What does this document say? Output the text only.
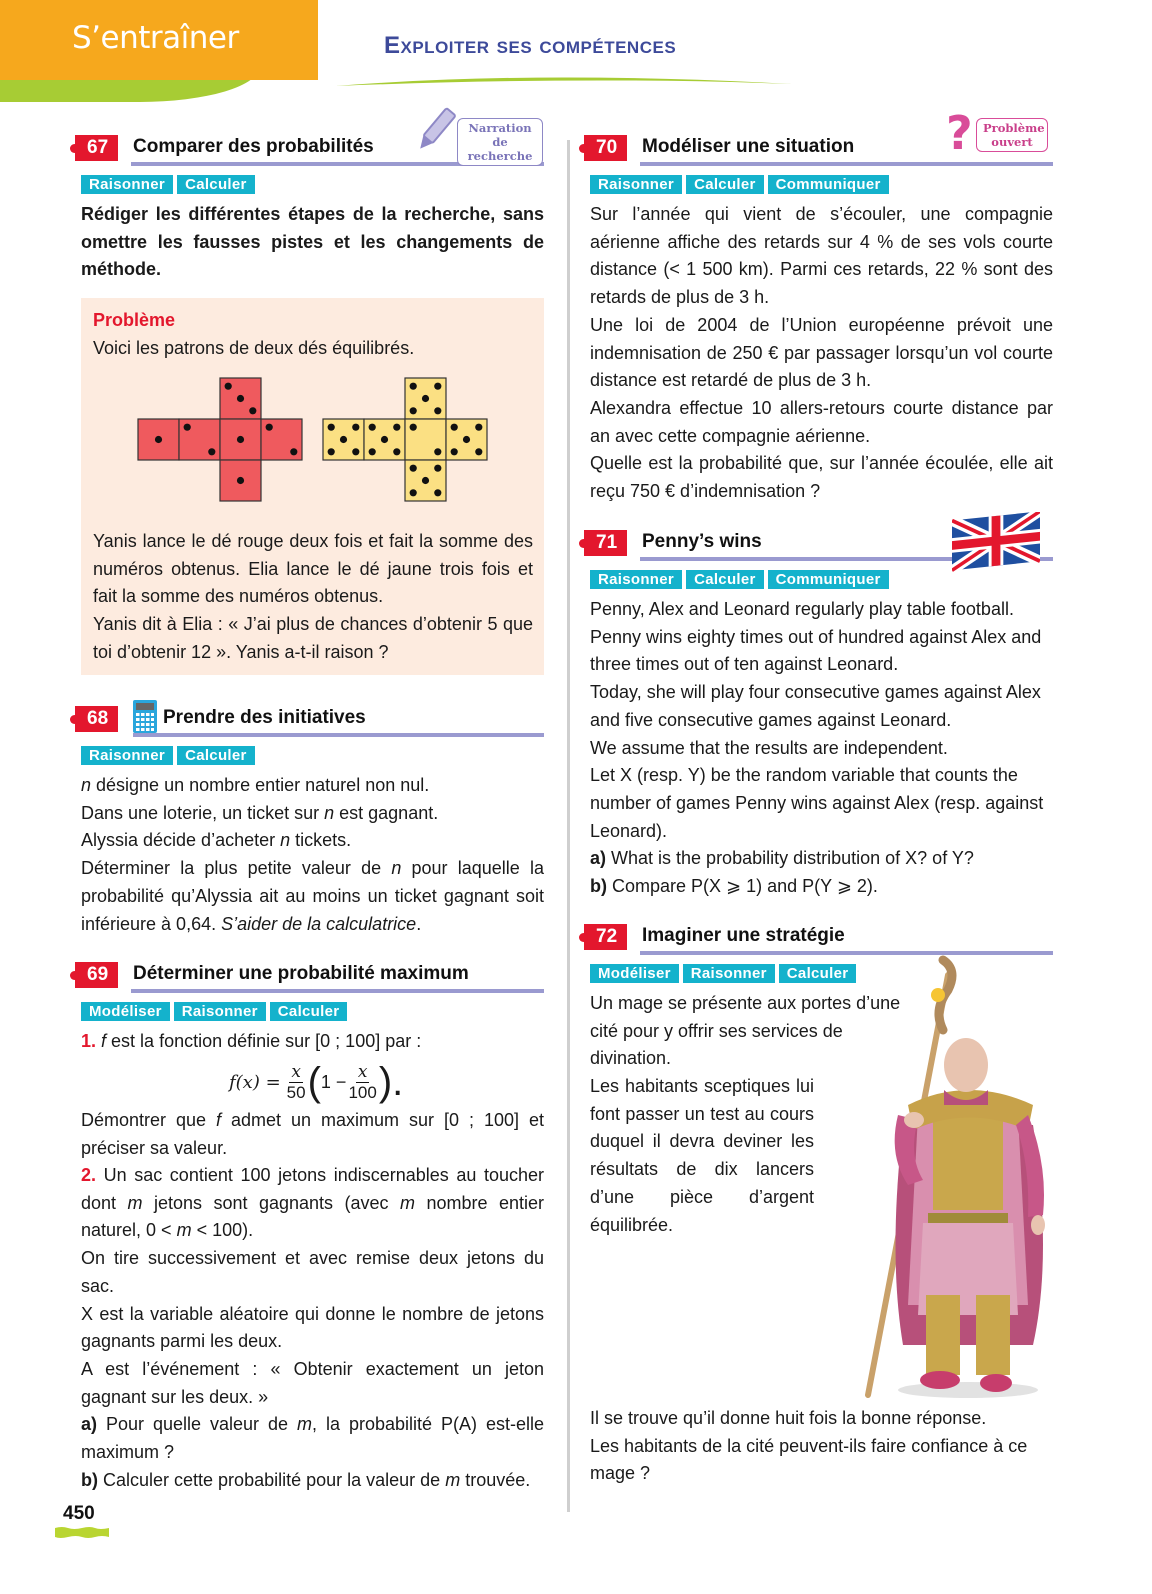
S’entraîner	Exploiter ses compétences
67	Comparer des probabilités
Narration
de recherche
Raisonner	Calculer
Rédiger les différentes étapes de la recherche, sans omettre les fausses pistes et les changements de méthode.
Problème
Voici les patrons de deux dés équilibrés.
Yanis lance le dé rouge deux fois et fait la somme des numéros obtenus. Elia lance le dé jaune trois fois et fait la somme des numéros obtenus.
Yanis dit à Elia : « J’ai plus de chances d’obtenir 5 que toi d’obtenir 12 ». Yanis a-t-il raison ?
68	Prendre des initiatives
Raisonner	Calculer

n désigne un nombre entier naturel non nul.

Dans une loterie, un ticket sur n est gagnant.

Alyssia décide d’acheter n tickets.

Déterminer la plus petite valeur de n pour laquelle la probabilité qu’Alyssia ait au moins un ticket gagnant soit inférieure à 0,64. S’aider de la calculatrice.

69	Déterminer une probabilité maximum
Modéliser	Raisonner	Calculer
1. f est la fonction définie sur [0 ; 100] par :
$f(x) = \frac{x}{50}$ ( $1 - \frac{x}{100}$ ).
Démontrer que f admet un maximum sur [0 ; 100] et préciser sa valeur.

2. Un sac contient 100 jetons indiscernables au toucher dont m jetons sont gagnants (avec m nombre entier naturel, 0 < m < 100).

On tire successivement et avec remise deux jetons du sac.

X est la variable aléatoire qui donne le nombre de jetons gagnants parmi les deux.

A est l’événement : « Obtenir exactement un jeton gagnant sur les deux. »

a) Pour quelle valeur de m, la probabilité P(A) est-elle maximum ?

b) Calculer cette probabilité pour la valeur de m trouvée.

70	Modéliser une situation ? Problème
ouvert
Raisonner	Calculer	Communiquer

Sur l’année qui vient de s’écouler, une compagnie aérienne affiche des retards sur 4 % de ses vols courte distance (< 1 500 km). Parmi ces retards, 22 % sont des retards de plus de 3 h.

Une loi de 2004 de l’Union européenne prévoit une indemnisation de 250 € par passager lorsqu’un vol courte distance est retardé de plus de 3 h.

Alexandra effectue 10 allers-retours courte distance par an avec cette compagnie aérienne.

Quelle est la probabilité que, sur l’année écoulée, elle ait reçu 750 € d’indemnisation ?

71	Penny’s wins
Raisonner	Calculer	Communiquer

Penny, Alex and Leonard regularly play table football.

Penny wins eighty times out of hundred against Alex and three times out of ten against Leonard.

Today, she will play four consecutive games against Alex and five consecutive games against Leonard.

We assume that the results are independent.

Let X (resp. Y) be the random variable that counts the number of games Penny wins against Alex (resp. against Leonard).

a) What is the probability distribution of X? of Y?

b) Compare P(X ⩾ 1) and P(Y ⩾ 2).

72	Imaginer une stratégie
Modéliser	Raisonner	Calculer
Un mage se présente aux portes d’une cité pour y offrir ses services de divination.
Les habitants sceptiques lui font passer un test au cours duquel il devra deviner les résultats de dix lancers d’une pièce d’argent équilibrée.

Il se trouve qu’il donne huit fois la bonne réponse.

Les habitants de la cité peuvent-ils faire confiance à ce mage ?

450
